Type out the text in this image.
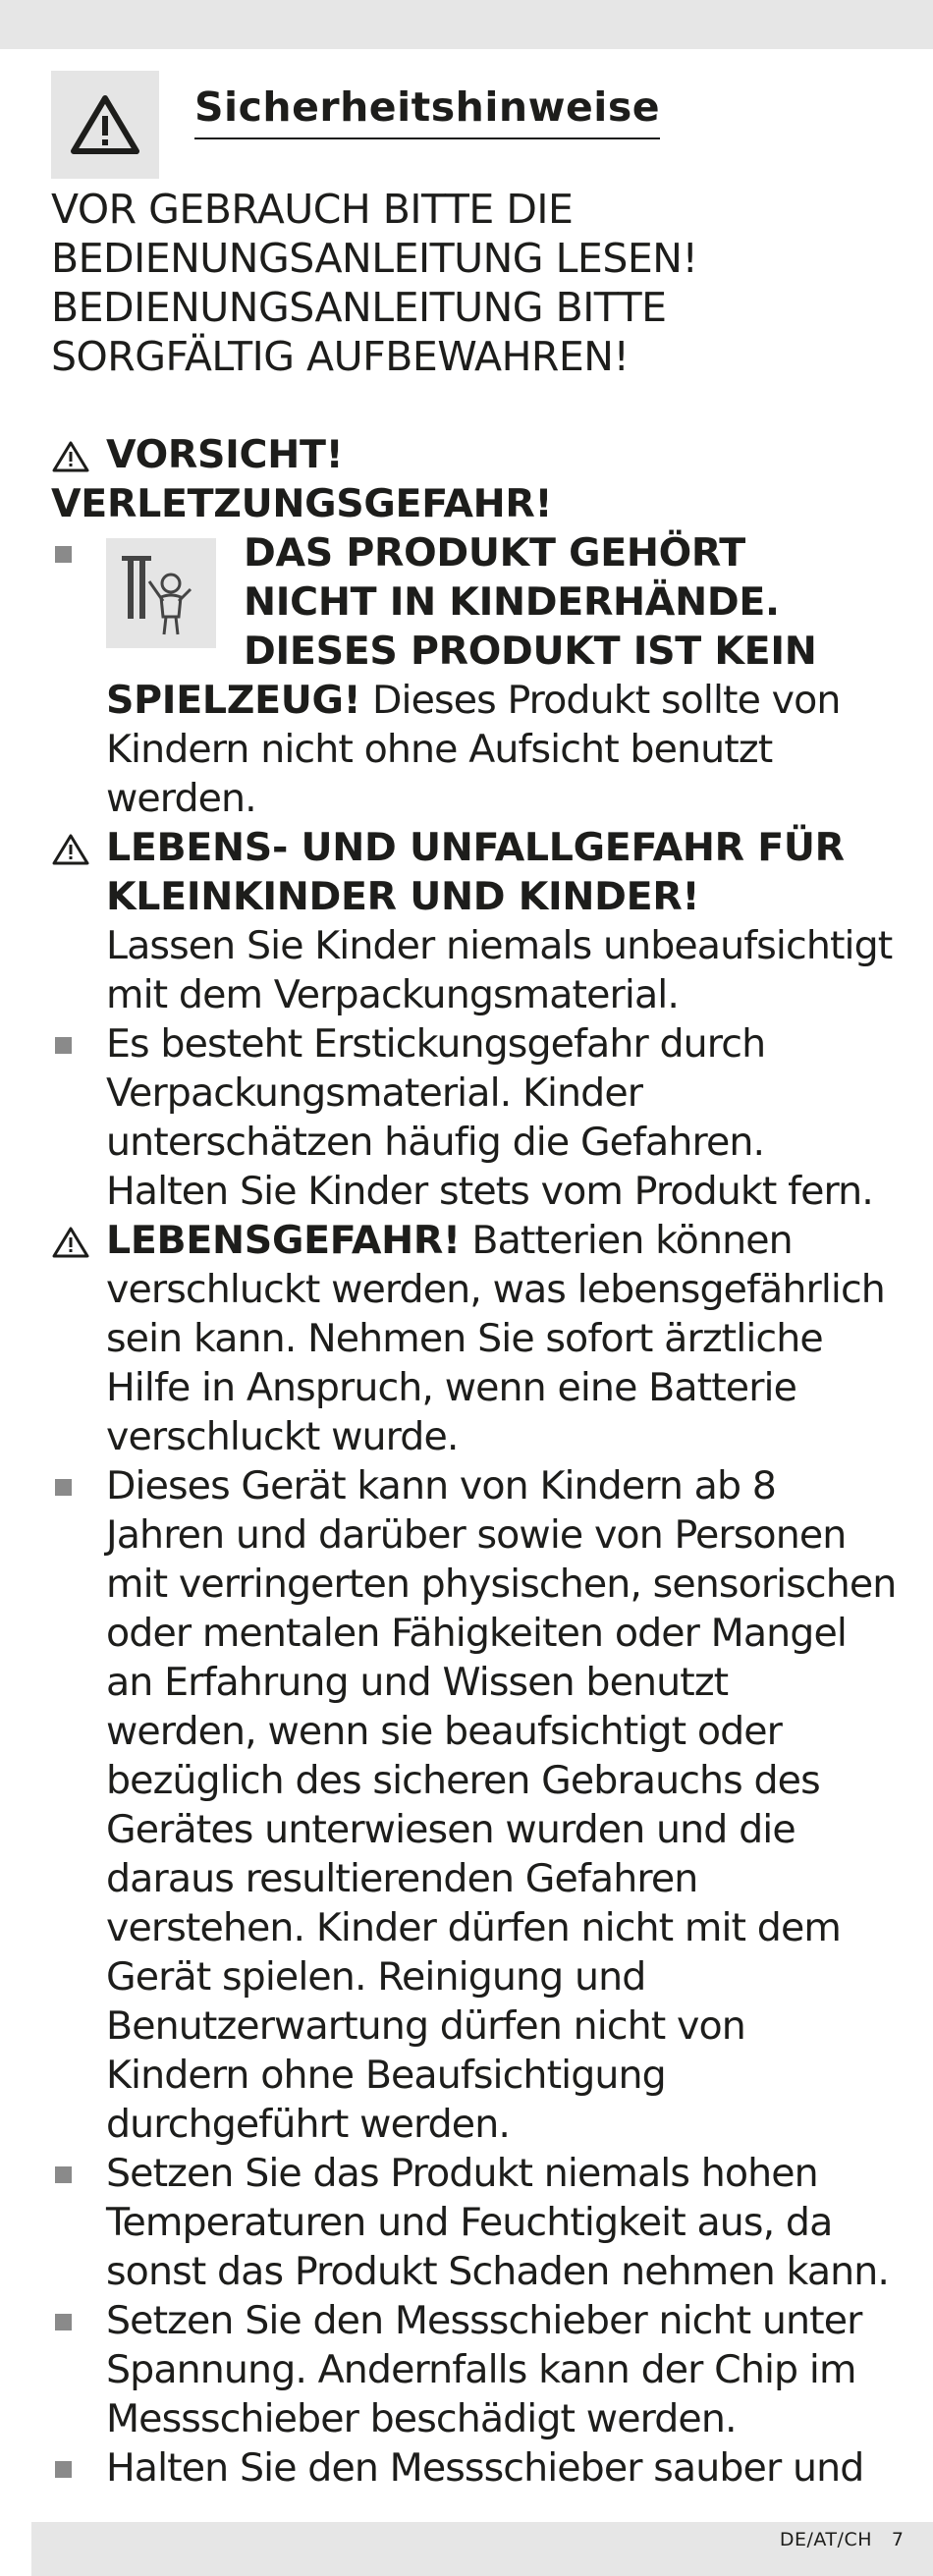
Sicherheitshinweise
VOR GEBRAUCH BITTE DIE
BEDIENUNGSANLEITUNG LESEN!
BEDIENUNGSANLEITUNG BITTE
SORGFÄLTIG AUFBEWAHREN!
VORSICHT!
VERLETZUNGSGEFAHR!
DAS PRODUKT GEHÖRT
NICHT IN KINDERHÄNDE.
DIESES PRODUKT IST KEIN
SPIELZEUG! Dieses Produkt sollte von
Kindern nicht ohne Aufsicht benutzt
werden.
LEBENS- UND UNFALLGEFAHR FÜR
KLEINKINDER UND KINDER!
Lassen Sie Kinder niemals unbeaufsichtigt
mit dem Verpackungsmaterial.
Es besteht Erstickungsgefahr durch
Verpackungsmaterial. Kinder
unterschätzen häufig die Gefahren.
Halten Sie Kinder stets vom Produkt fern.
LEBENSGEFAHR! Batterien können
verschluckt werden, was lebensgefährlich
sein kann. Nehmen Sie sofort ärztliche
Hilfe in Anspruch, wenn eine Batterie
verschluckt wurde.
Dieses Gerät kann von Kindern ab 8
Jahren und darüber sowie von Personen
mit verringerten physischen, sensorischen
oder mentalen Fähigkeiten oder Mangel
an Erfahrung und Wissen benutzt
werden, wenn sie beaufsichtigt oder
bezüglich des sicheren Gebrauchs des
Gerätes unterwiesen wurden und die
daraus resultierenden Gefahren
verstehen. Kinder dürfen nicht mit dem
Gerät spielen. Reinigung und
Benutzerwartung dürfen nicht von
Kindern ohne Beaufsichtigung
durchgeführt werden.
Setzen Sie das Produkt niemals hohen
Temperaturen und Feuchtigkeit aus, da
sonst das Produkt Schaden nehmen kann.
Setzen Sie den Messschieber nicht unter
Spannung. Andernfalls kann der Chip im
Messschieber beschädigt werden.
Halten Sie den Messschieber sauber und
DE/AT/CH 7
